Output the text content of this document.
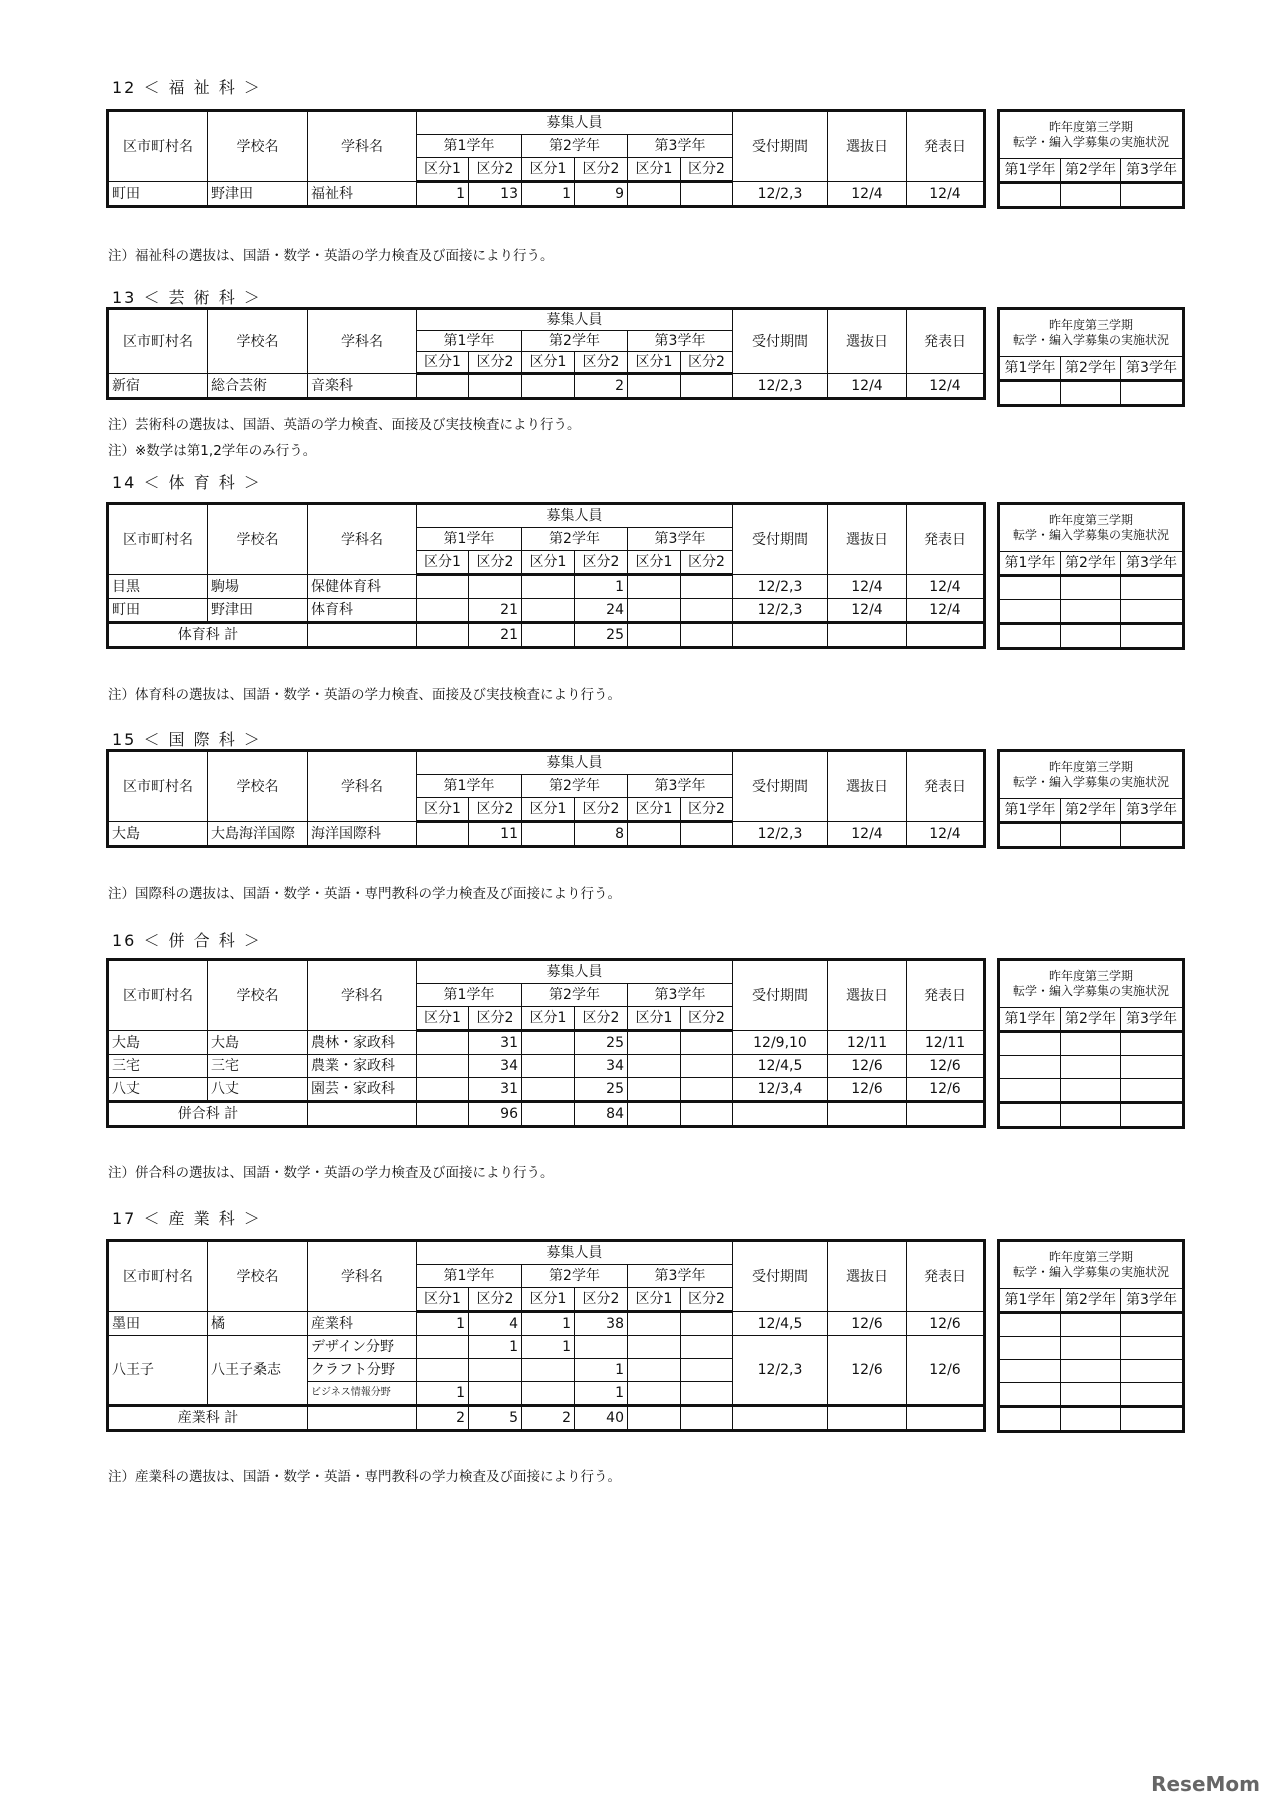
ReseMom
12 ＜ 福 祉 科 ＞
区市町村名	学校名	学科名	募集人員						受付期間	選抜日	発表日
			第1学年		第2学年		第3学年				
			区分1	区分2	区分1	区分2	区分1	区分2			
町田	野津田	福祉科	1	13	1	9			12/2,3	12/4	12/4
昨年度第三学期
転学・編入学募集の実施状況		

第1学年	第2学年	第3学年

注）福祉科の選抜は、国語・数学・英語の学力検査及び面接により行う。
13 ＜ 芸 術 科 ＞
区市町村名	学校名	学科名	募集人員						受付期間	選抜日	発表日
			第1学年		第2学年		第3学年				
			区分1	区分2	区分1	区分2	区分1	区分2			
新宿	総合芸術	音楽科				2			12/2,3	12/4	12/4
昨年度第三学期
転学・編入学募集の実施状況		

第1学年	第2学年	第3学年

注）芸術科の選抜は、国語、英語の学力検査、面接及び実技検査により行う。
注）※数学は第1,2学年のみ行う。
14 ＜ 体 育 科 ＞
区市町村名	学校名	学科名	募集人員						受付期間	選抜日	発表日
			第1学年		第2学年		第3学年				
			区分1	区分2	区分1	区分2	区分1	区分2			
目黒	駒場	保健体育科				1			12/2,3	12/4	12/4
町田	野津田	体育科		21		24			12/2,3	12/4	12/4
体育科 計				21		25					
昨年度第三学期
転学・編入学募集の実施状況		

第1学年	第2学年	第3学年

注）体育科の選抜は、国語・数学・英語の学力検査、面接及び実技検査により行う。
15 ＜ 国 際 科 ＞
区市町村名	学校名	学科名	募集人員						受付期間	選抜日	発表日
			第1学年		第2学年		第3学年				
			区分1	区分2	区分1	区分2	区分1	区分2			
大島	大島海洋国際	海洋国際科		11		8			12/2,3	12/4	12/4
昨年度第三学期
転学・編入学募集の実施状況		

第1学年	第2学年	第3学年

注）国際科の選抜は、国語・数学・英語・専門教科の学力検査及び面接により行う。
16 ＜ 併 合 科 ＞
区市町村名	学校名	学科名	募集人員						受付期間	選抜日	発表日
			第1学年		第2学年		第3学年				
			区分1	区分2	区分1	区分2	区分1	区分2			
大島	大島	農林・家政科		31		25			12/9,10	12/11	12/11
三宅	三宅	農業・家政科		34		34			12/4,5	12/6	12/6
八丈	八丈	園芸・家政科		31		25			12/3,4	12/6	12/6
併合科 計				96		84					
昨年度第三学期
転学・編入学募集の実施状況		

第1学年	第2学年	第3学年

注）併合科の選抜は、国語・数学・英語の学力検査及び面接により行う。
17 ＜ 産 業 科 ＞
区市町村名	学校名	学科名	募集人員						受付期間	選抜日	発表日
			第1学年		第2学年		第3学年				
			区分1	区分2	区分1	区分2	区分1	区分2			
墨田	橘	産業科	1	4	1	38			12/4,5	12/6	12/6
八王子	八王子桑志	デザイン分野		1	1				12/2,3	12/6	12/6
		クラフト分野				1					
		ビジネス情報分野	1			1					
産業科 計			2	5	2	40					
昨年度第三学期
転学・編入学募集の実施状況		

第1学年	第2学年	第3学年

注）産業科の選抜は、国語・数学・英語・専門教科の学力検査及び面接により行う。
